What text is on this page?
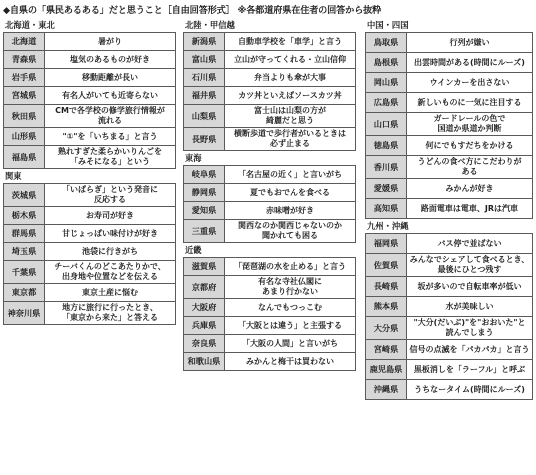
◆自県の「県民あるある」だと思うこと［自由回答形式］ ※各都道府県在住者の回答から抜粋
北海道・東北
北海道	暑がり
青森県	塩気のあるものが好き
岩手県	移動距離が長い
宮城県	有名人がいても近寄らない
秋田県	CMで各学校の修学旅行情報が
流れる
山形県	"①"を「いちまる」と言う
福島県	熟れすぎた柔らかいりんごを
「みそになる」という
関東
茨城県	「いばらぎ」という発音に
反応する
栃木県	お寿司が好き
群馬県	甘じょっぱい味付けが好き
埼玉県	池袋に行きがち
千葉県	チーバくんのどこあたりかで、
出身地や位置などを伝える
東京都	東京土産に悩む
神奈川県	地方に旅行に行ったとき、
「東京から来た」と答える
北陸・甲信越
新潟県	自動車学校を「車学」と言う
富山県	立山が守ってくれる・立山信仰
石川県	弁当よりも傘が大事
福井県	カツ丼といえばソースカツ丼
山梨県	富士山は山梨の方が
綺麗だと思う
長野県	横断歩道で歩行者がいるときは
必ず止まる
東海
岐阜県	「名古屋の近く」と言いがち
静岡県	夏でもおでんを食べる
愛知県	赤味噌が好き
三重県	関西なのか関西じゃないのか
聞かれても困る
近畿
滋賀県	「琵琶湖の水を止める」と言う
京都府	有名な寺社仏閣に
あまり行かない
大阪府	なんでもつっこむ
兵庫県	「大阪とは違う」と主張する
奈良県	「大阪の人間」と言いがち
和歌山県	みかんと梅干は買わない
中国・四国
鳥取県	行列が嫌い
島根県	出雲時間がある(時間にルーズ)
岡山県	ウインカーを出さない
広島県	新しいものに一気に注目する
山口県	ガードレールの色で
国道か県道か判断
徳島県	何にでもすだちをかける
香川県	うどんの食べ方にこだわりが
ある
愛媛県	みかんが好き
高知県	路面電車は電車、JRは汽車
九州・沖縄
福岡県	バス停で並ばない
佐賀県	みんなでシェアして食べるとき、
最後にひとつ残す
長崎県	坂が多いので自転車率が低い
熊本県	水が美味しい
大分県	"大分(だいぶ)"を"おおいた"と
読んでしまう
宮崎県	信号の点滅を「パカパカ」と言う
鹿児島県	黒板消しを「ラーフル」と呼ぶ
沖縄県	うちなータイム(時間にルーズ)
